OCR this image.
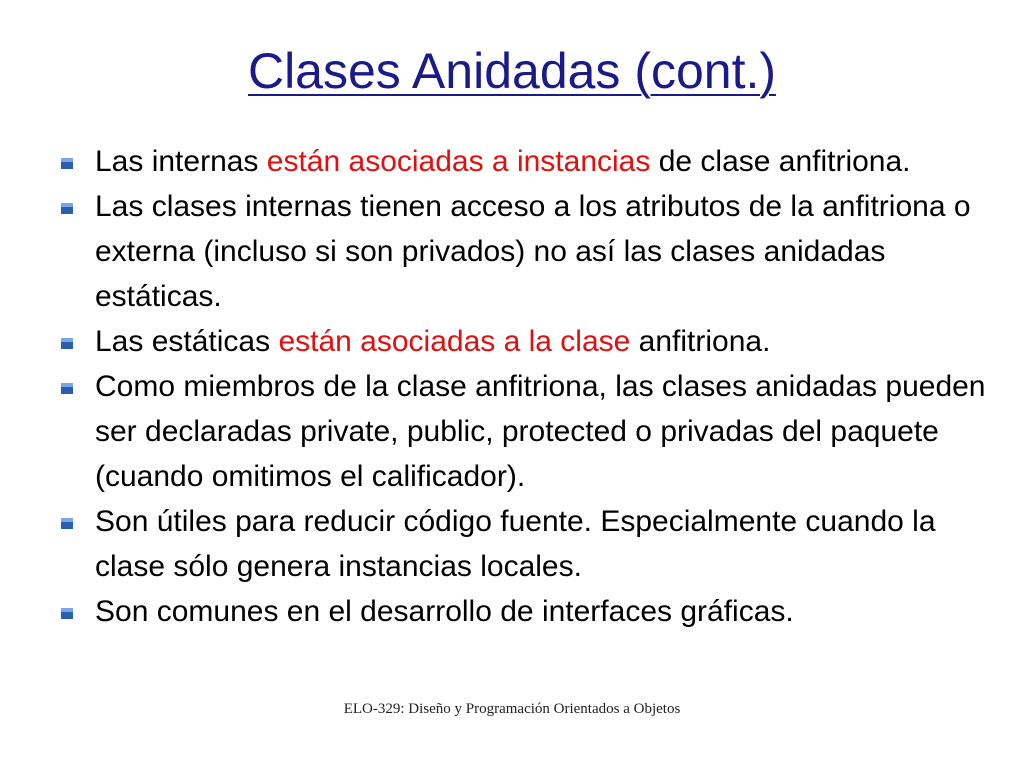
Clases Anidadas (cont.)
Las internas están asociadas a instancias de clase anfitriona.
Las clases internas tienen acceso a los atributos de la anfitriona o externa (incluso si son privados) no así las clases anidadas estáticas.
Las estáticas están asociadas a la clase anfitriona.
Como miembros de la clase anfitriona, las clases anidadas pueden ser declaradas private, public, protected o privadas del paquete (cuando omitimos el calificador).
Son útiles para reducir código fuente. Especialmente cuando la clase sólo genera instancias locales.
Son comunes en el desarrollo de interfaces gráficas.
ELO-329: Diseño y Programación Orientados a Objetos
